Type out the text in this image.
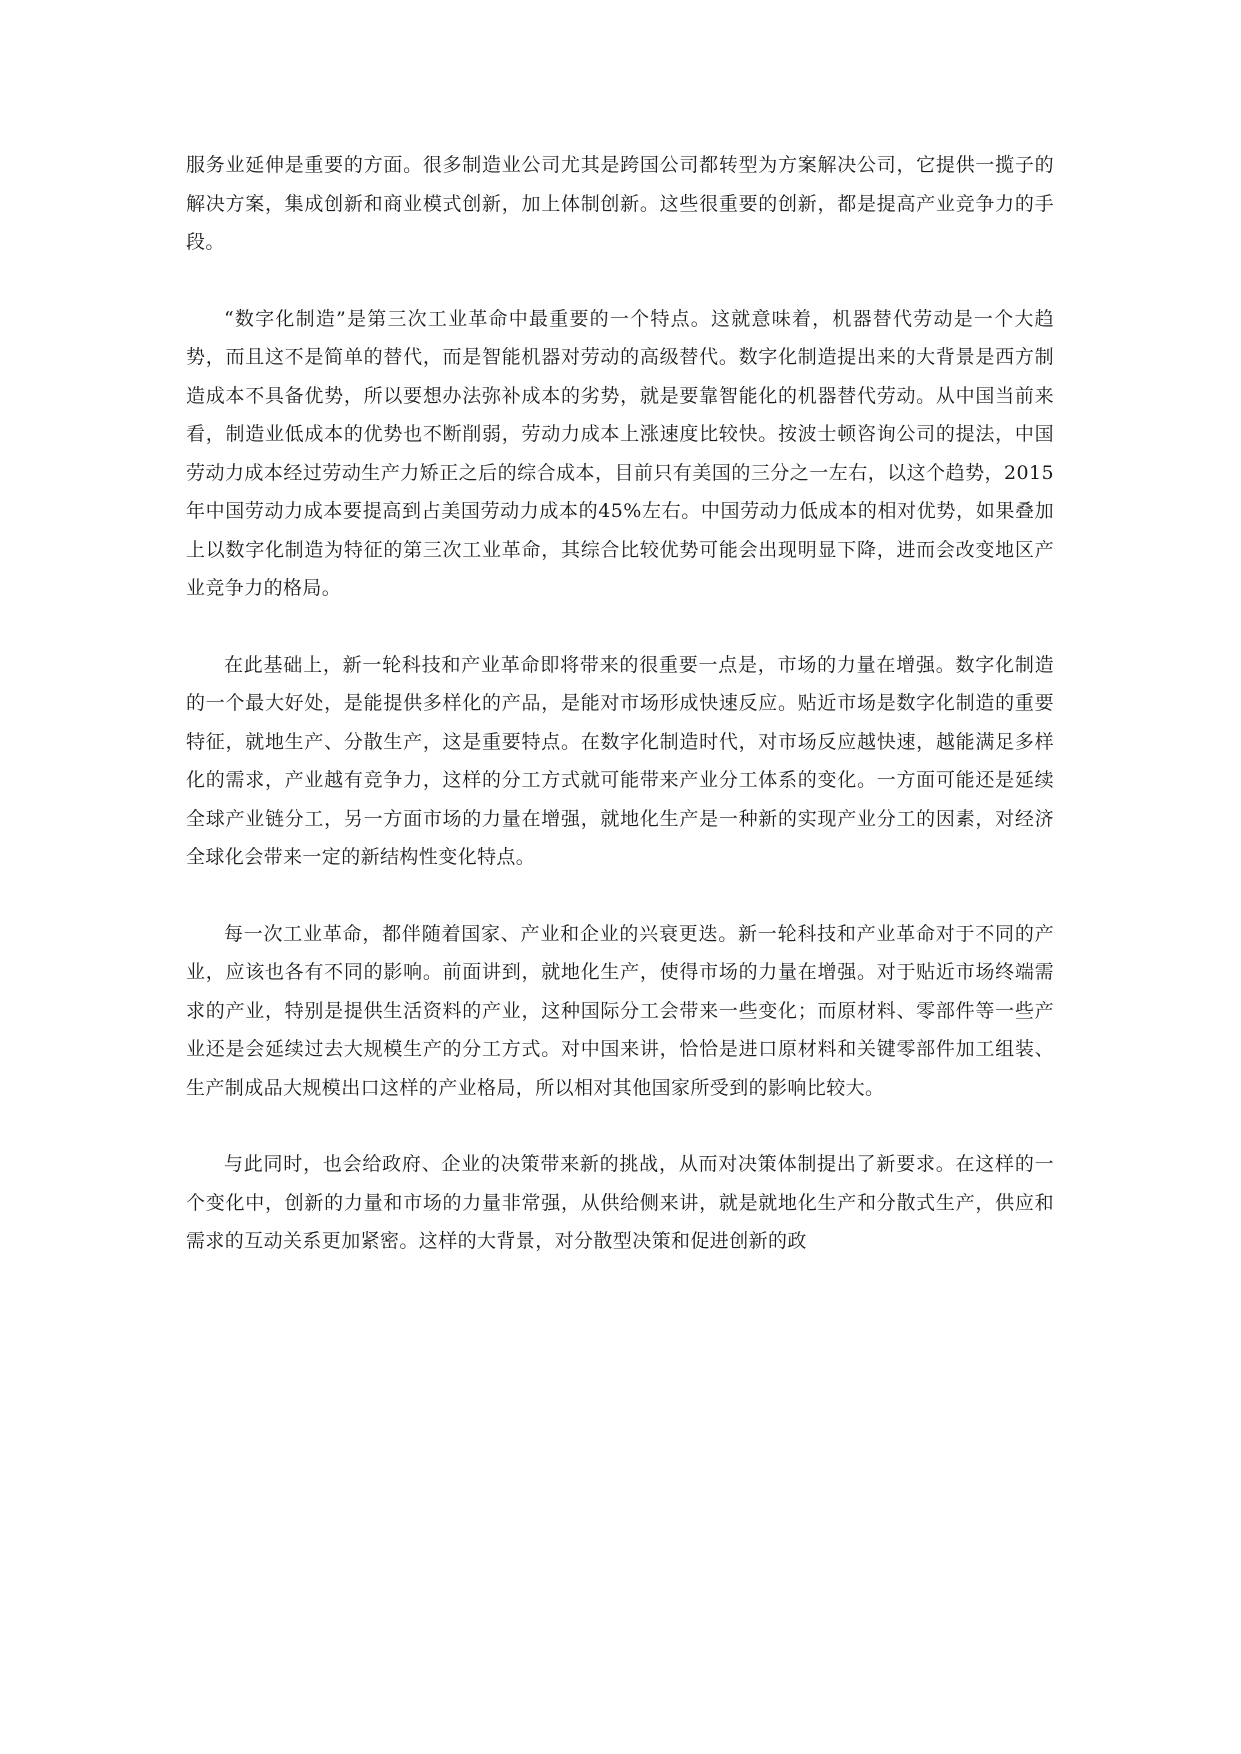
服务业延伸是重要的方面。很多制造业公司尤其是跨国公司都转型为方案解决公司，它提供一揽子的解决方案，集成创新和商业模式创新，加上体制创新。这些很重要的创新，都是提高产业竞争力的手段。

“数字化制造”是第三次工业革命中最重要的一个特点。这就意味着，机器替代劳动是一个大趋势，而且这不是简单的替代，而是智能机器对劳动的高级替代。数字化制造提出来的大背景是西方制造成本不具备优势，所以要想办法弥补成本的劣势，就是要靠智能化的机器替代劳动。从中国当前来看，制造业低成本的优势也不断削弱，劳动力成本上涨速度比较快。按波士顿咨询公司的提法，中国劳动力成本经过劳动生产力矫正之后的综合成本，目前只有美国的三分之一左右，以这个趋势，2015年中国劳动力成本要提高到占美国劳动力成本的45%左右。中国劳动力低成本的相对优势，如果叠加上以数字化制造为特征的第三次工业革命，其综合比较优势可能会出现明显下降，进而会改变地区产业竞争力的格局。

在此基础上，新一轮科技和产业革命即将带来的很重要一点是，市场的力量在增强。数字化制造的一个最大好处，是能提供多样化的产品，是能对市场形成快速反应。贴近市场是数字化制造的重要特征，就地生产、分散生产，这是重要特点。在数字化制造时代，对市场反应越快速，越能满足多样化的需求，产业越有竞争力，这样的分工方式就可能带来产业分工体系的变化。一方面可能还是延续全球产业链分工，另一方面市场的力量在增强，就地化生产是一种新的实现产业分工的因素，对经济全球化会带来一定的新结构性变化特点。

每一次工业革命，都伴随着国家、产业和企业的兴衰更迭。新一轮科技和产业革命对于不同的产业，应该也各有不同的影响。前面讲到，就地化生产，使得市场的力量在增强。对于贴近市场终端需求的产业，特别是提供生活资料的产业，这种国际分工会带来一些变化；而原材料、零部件等一些产业还是会延续过去大规模生产的分工方式。对中国来讲，恰恰是进口原材料和关键零部件加工组装、生产制成品大规模出口这样的产业格局，所以相对其他国家所受到的影响比较大。

与此同时，也会给政府、企业的决策带来新的挑战，从而对决策体制提出了新要求。在这样的一个变化中，创新的力量和市场的力量非常强，从供给侧来讲，就是就地化生产和分散式生产，供应和需求的互动关系更加紧密。这样的大背景，对分散型决策和促进创新的政
